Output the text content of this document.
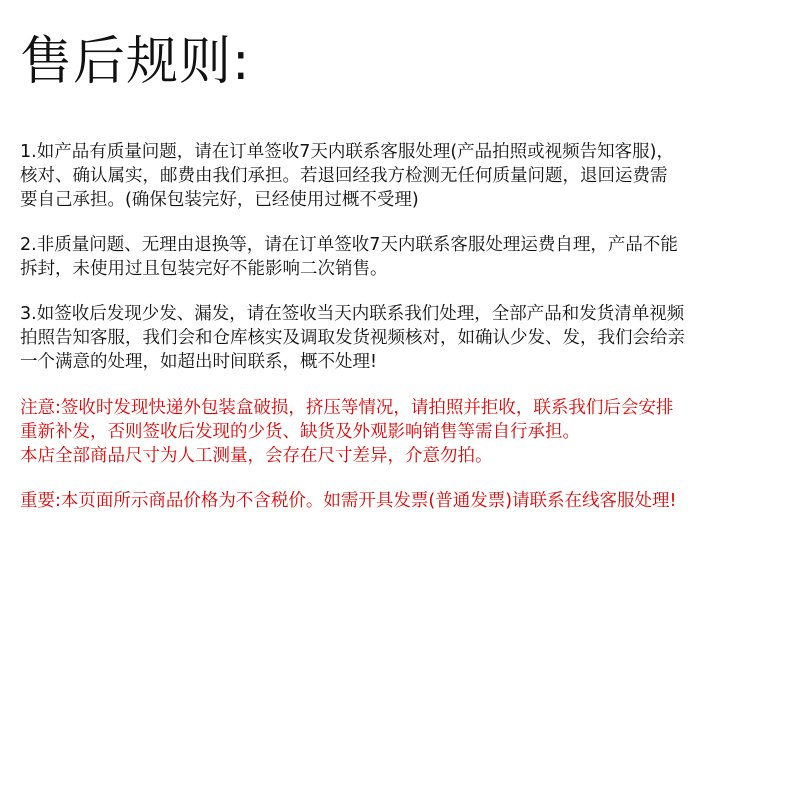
售后规则:
1.如产品有质量问题，请在订单签收7天内联系客服处理(产品拍照或视频告知客服)，
核对、确认属实，邮费由我们承担。若退回经我方检测无任何质量问题，退回运费需
要自己承担。(确保包装完好，已经使用过概不受理)
2.非质量问题、无理由退换等，请在订单签收7天内联系客服处理运费自理，产品不能
拆封，未使用过且包装完好不能影响二次销售。
3.如签收后发现少发、漏发，请在签收当天内联系我们处理，全部产品和发货清单视频
拍照告知客服，我们会和仓库核实及调取发货视频核对，如确认少发、发，我们会给亲
一个满意的处理，如超出时间联系，概不处理!
注意:签收时发现快递外包装盒破损，挤压等情况，请拍照并拒收，联系我们后会安排
重新补发，否则签收后发现的少货、缺货及外观影响销售等需自行承担。
本店全部商品尺寸为人工测量，会存在尺寸差异，介意勿拍。
重要:本页面所示商品价格为不含税价。如需开具发票(普通发票)请联系在线客服处理!
